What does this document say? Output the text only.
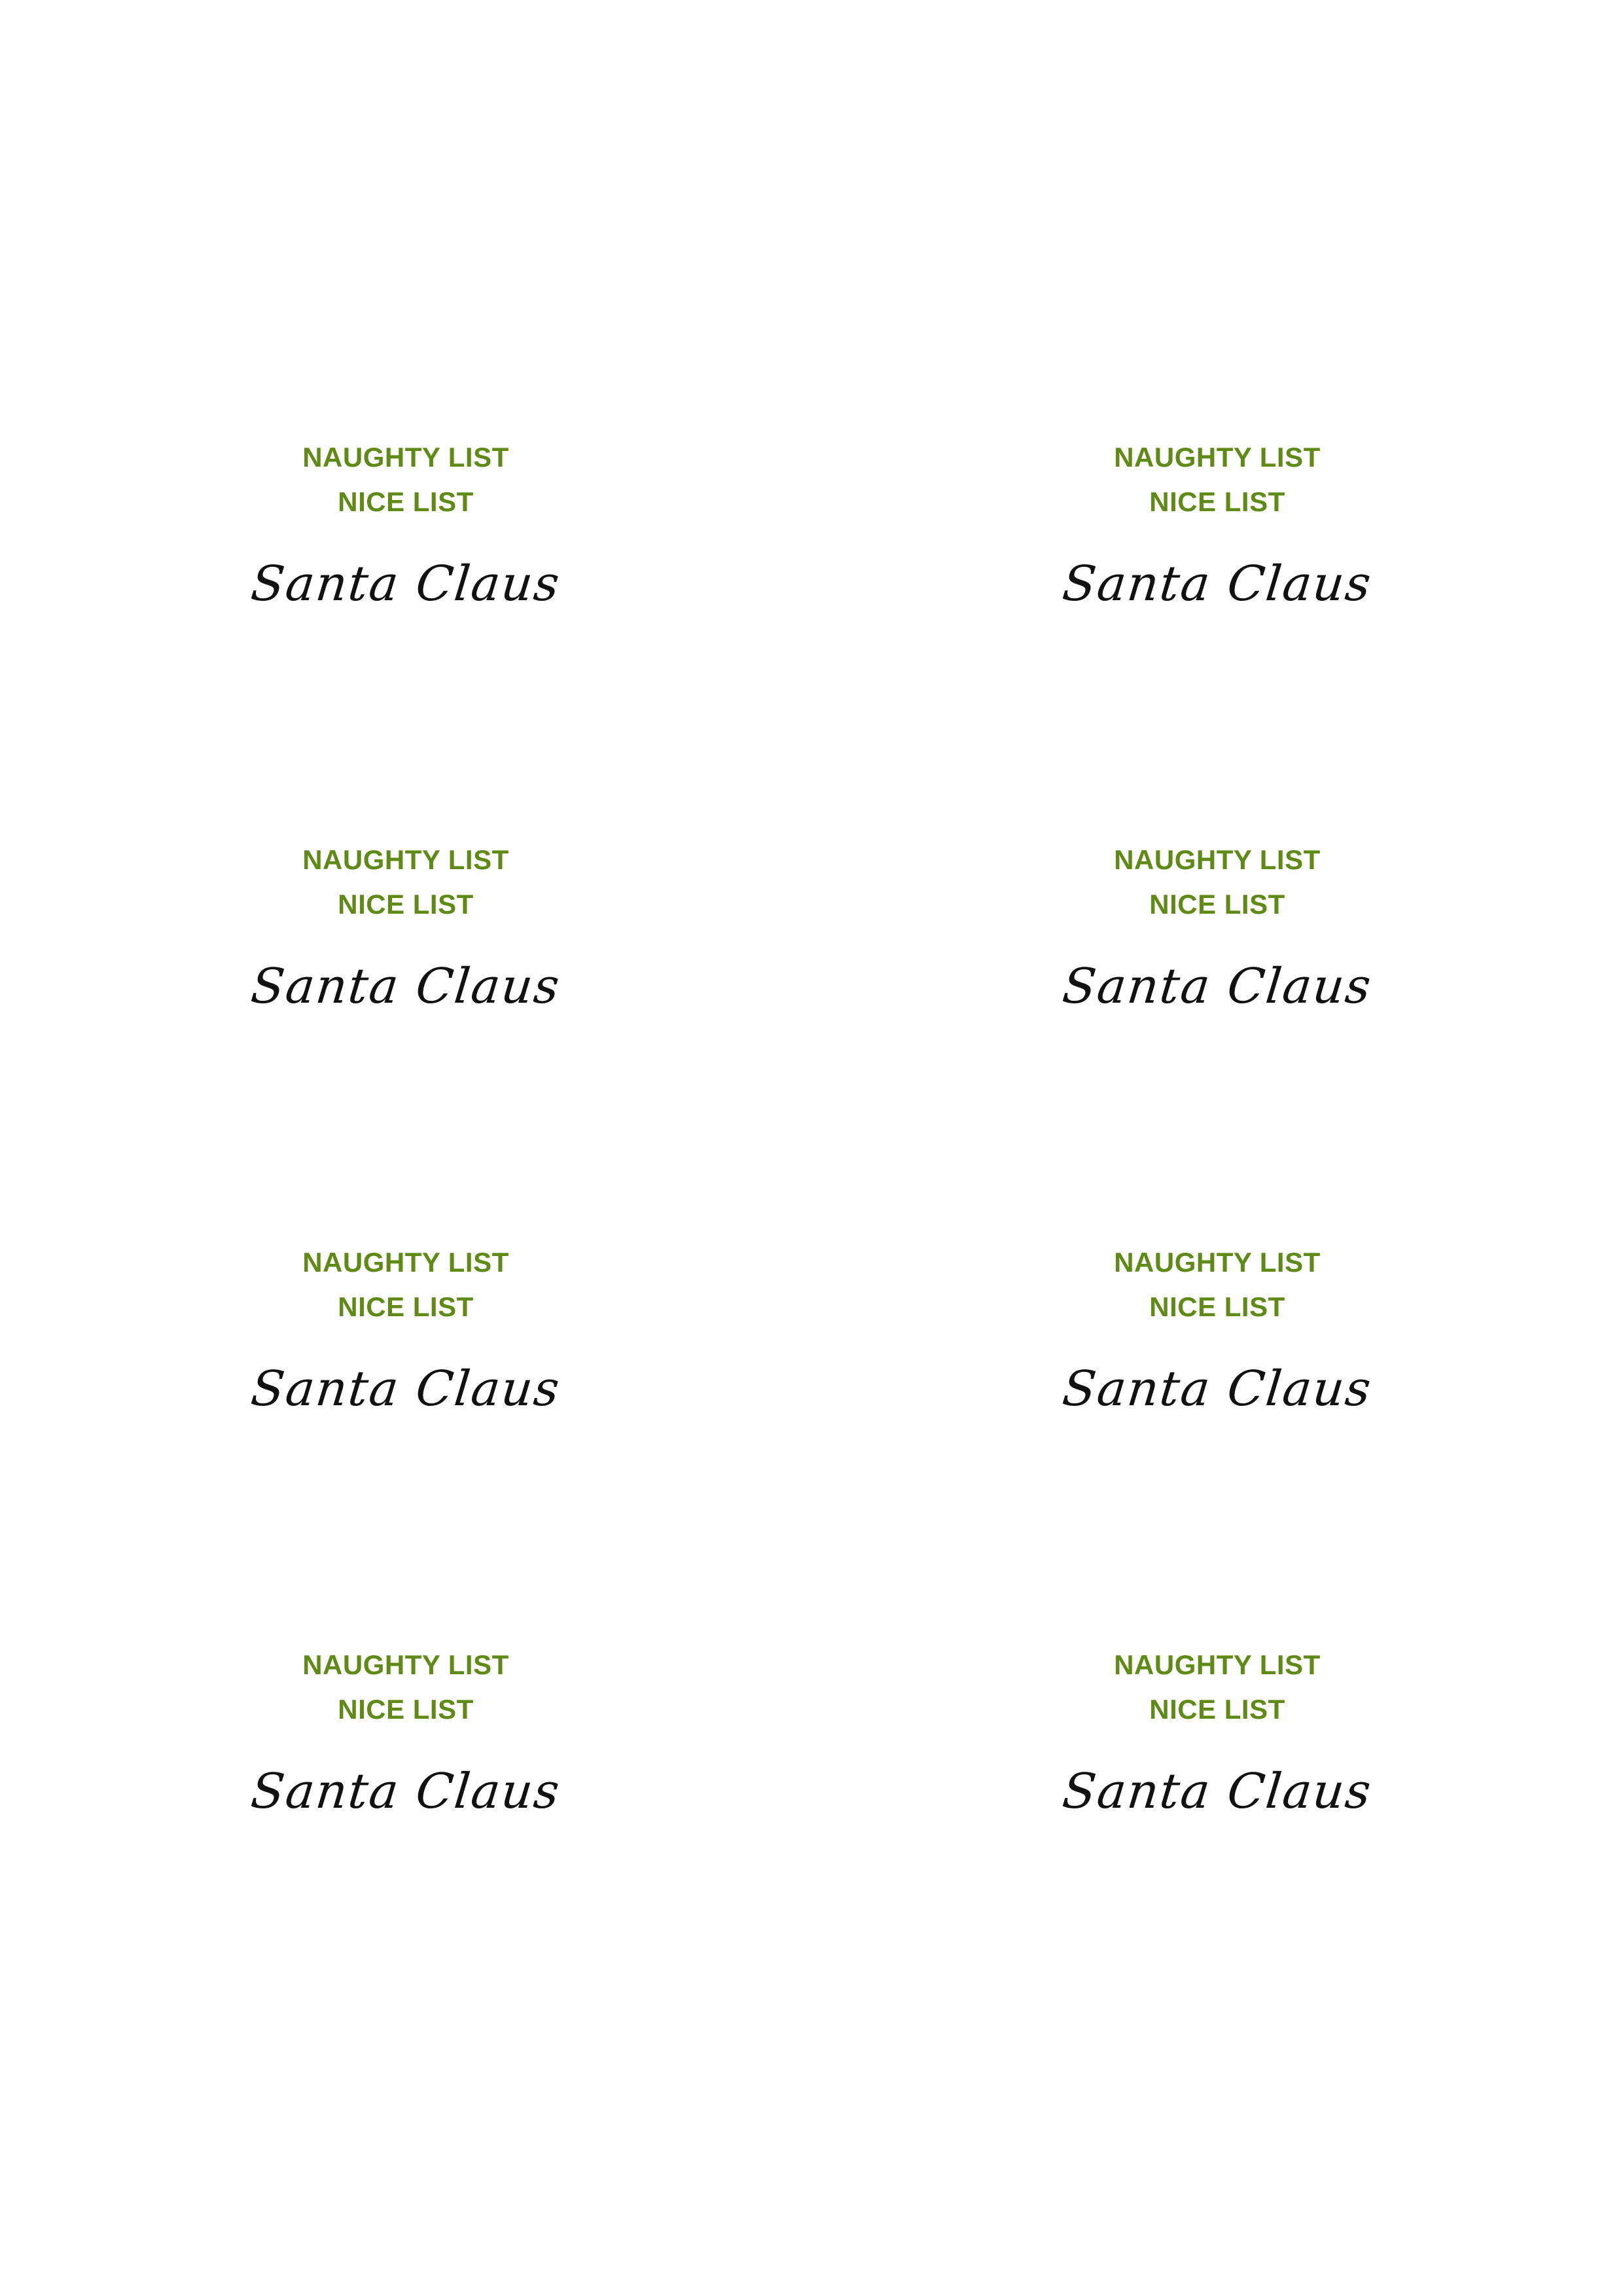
NAUGHTY LIST
NICE LIST
Santa Claus
NAUGHTY LIST
NICE LIST
Santa Claus
NAUGHTY LIST
NICE LIST
Santa Claus
NAUGHTY LIST
NICE LIST
Santa Claus
NAUGHTY LIST
NICE LIST
Santa Claus
NAUGHTY LIST
NICE LIST
Santa Claus
NAUGHTY LIST
NICE LIST
Santa Claus
NAUGHTY LIST
NICE LIST
Santa Claus
